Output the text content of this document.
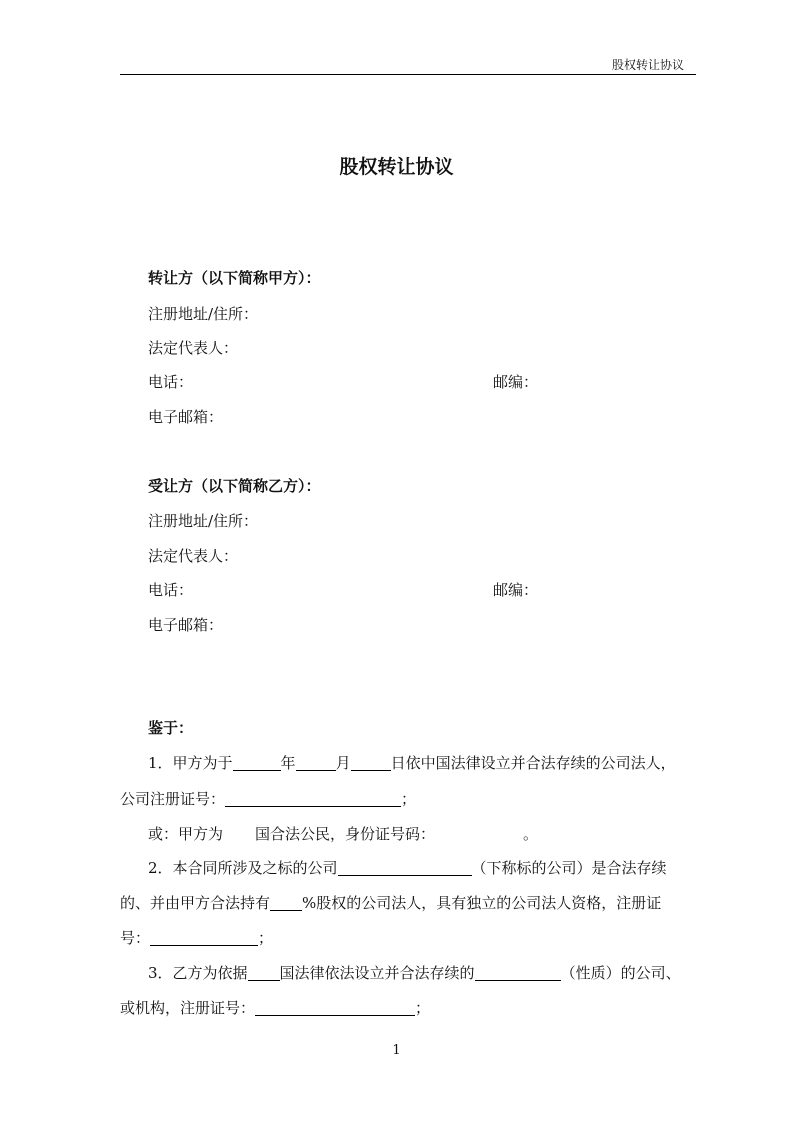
股权转让协议
股权转让协议
转让方（以下简称甲方）：
注册地址/住所：
法定代表人：
电话：	邮编：
电子邮箱：
受让方（以下简称乙方）：
注册地址/住所：
法定代表人：
电话：	邮编：
电子邮箱：
鉴于：
1．甲方为于	年	月	日依中国法律设立并合法存续的公司法人，
公司注册证号：	；
或：甲方为 国合法公民，身份证号码：	。
2．本合同所涉及之标的公司	（下称标的公司）是合法存续
的、并由甲方合法持有 %股权的公司法人，具有独立的公司法人资格，注册证
号：	；
3．乙方为依据 国法律依法设立并合法存续的	（性质）的公司、
或机构，注册证号：	；
1
